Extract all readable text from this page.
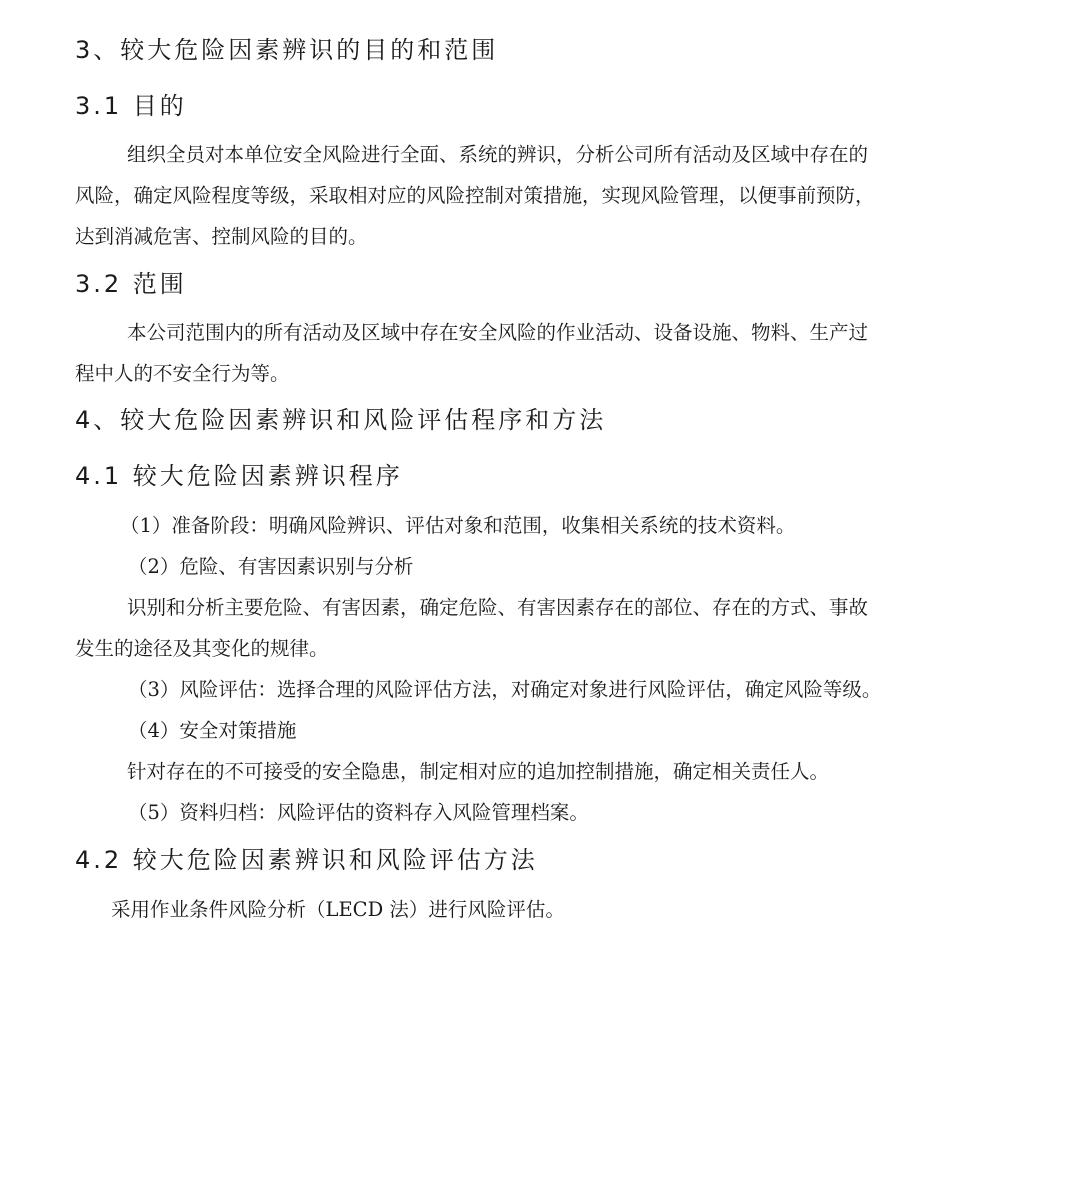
3、较大危险因素辨识的目的和范围
3.1 目的

组织全员对本单位安全风险进行全面、系统的辨识，分析公司所有活动及区域中存在的

风险，确定风险程度等级，采取相对应的风险控制对策措施，实现风险管理，以便事前预防，

达到消减危害、控制风险的目的。

3.2 范围

本公司范围内的所有活动及区域中存在安全风险的作业活动、设备设施、物料、生产过

程中人的不安全行为等。

4、较大危险因素辨识和风险评估程序和方法
4.1 较大危险因素辨识程序

（1）准备阶段：明确风险辨识、评估对象和范围，收集相关系统的技术资料。

（2）危险、有害因素识别与分析

识别和分析主要危险、有害因素，确定危险、有害因素存在的部位、存在的方式、事故

发生的途径及其变化的规律。

（3）风险评估：选择合理的风险评估方法，对确定对象进行风险评估，确定风险等级。

（4）安全对策措施

针对存在的不可接受的安全隐患，制定相对应的追加控制措施，确定相关责任人。

（5）资料归档：风险评估的资料存入风险管理档案。

4.2 较大危险因素辨识和风险评估方法

采用作业条件风险分析（LECD 法）进行风险评估。
